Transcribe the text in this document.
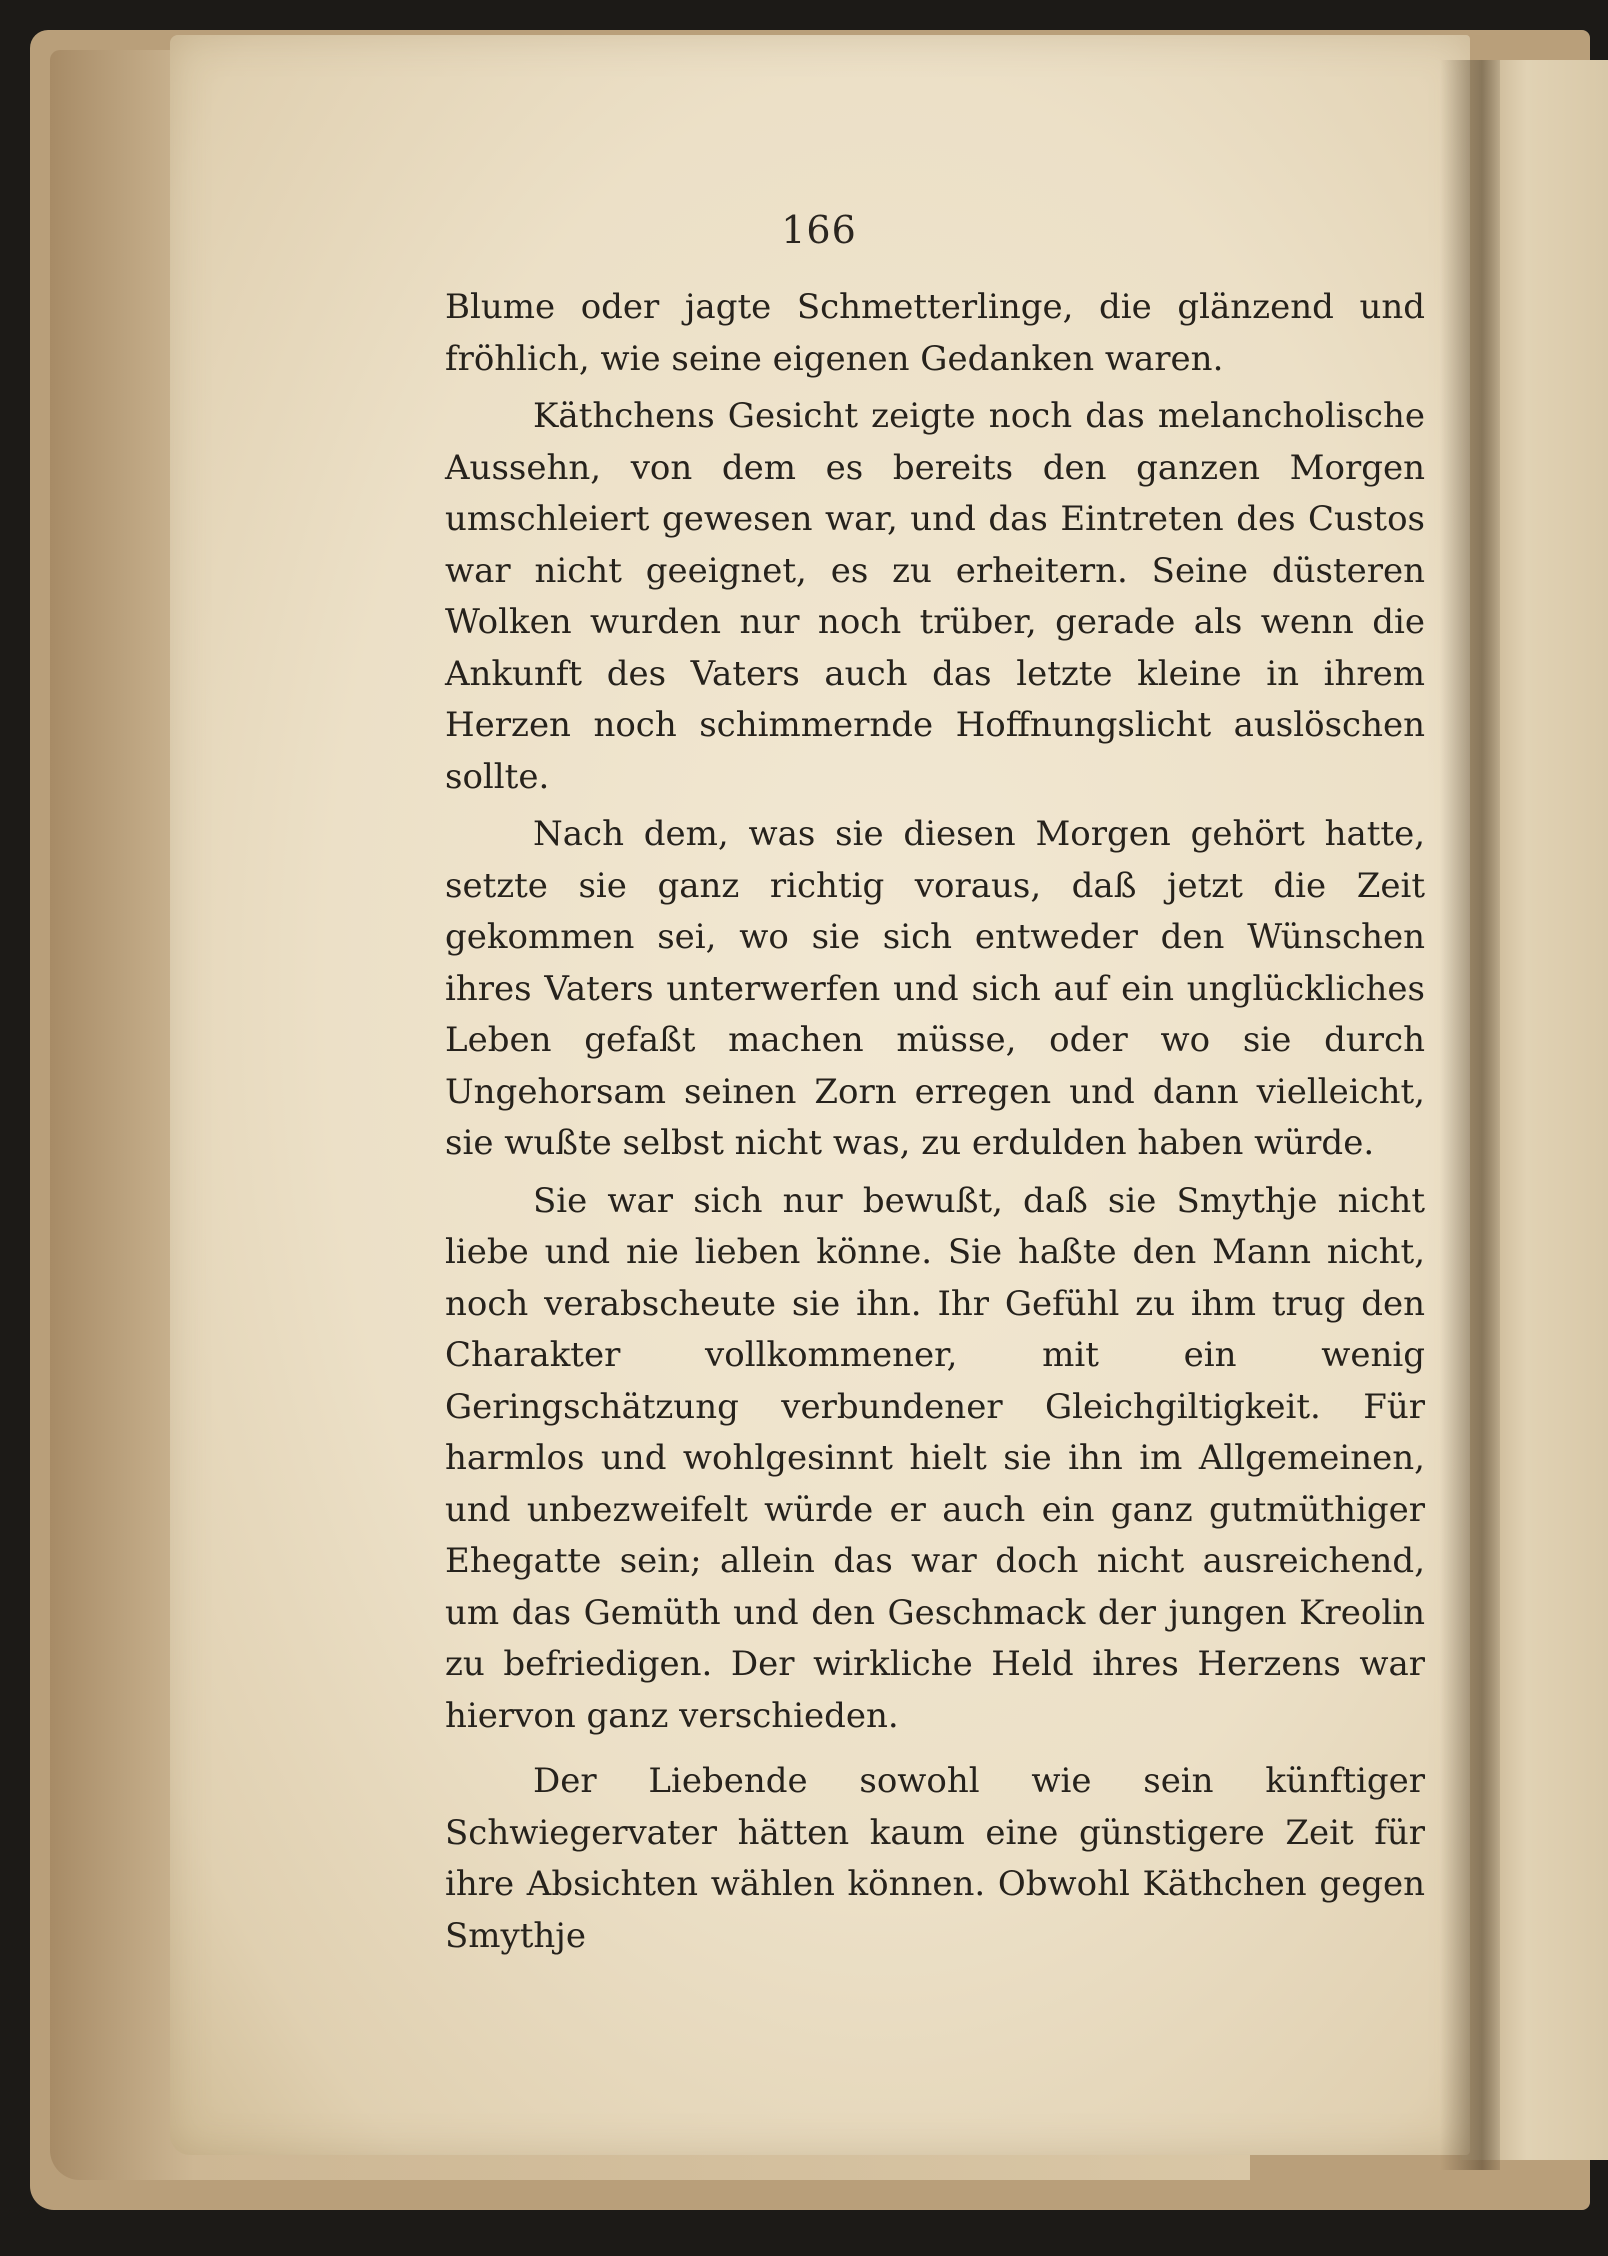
166

Blume oder jagte Schmetterlinge, die glänzend und fröhlich, wie seine eigenen Gedanken waren.

Käthchens Gesicht zeigte noch das melancholische Aussehn, von dem es bereits den ganzen Morgen umschleiert gewesen war, und das Eintreten des Custos war nicht geeignet, es zu erheitern. Seine düsteren Wolken wurden nur noch trüber, gerade als wenn die Ankunft des Vaters auch das letzte kleine in ihrem Herzen noch schimmernde Hoffnungslicht auslöschen sollte.

Nach dem, was sie diesen Morgen gehört hatte, setzte sie ganz richtig voraus, daß jetzt die Zeit gekommen sei, wo sie sich entweder den Wünschen ihres Vaters unterwerfen und sich auf ein unglückliches Leben gefaßt machen müsse, oder wo sie durch Ungehorsam seinen Zorn erregen und dann vielleicht, sie wußte selbst nicht was, zu erdulden haben würde.

Sie war sich nur bewußt, daß sie Smythje nicht liebe und nie lieben könne. Sie haßte den Mann nicht, noch verabscheute sie ihn. Ihr Gefühl zu ihm trug den Charakter vollkommener, mit ein wenig Geringschätzung verbundener Gleichgiltigkeit. Für harmlos und wohlgesinnt hielt sie ihn im Allgemeinen, und unbezweifelt würde er auch ein ganz gutmüthiger Ehegatte sein; allein das war doch nicht ausreichend, um das Gemüth und den Geschmack der jungen Kreolin zu befriedigen. Der wirkliche Held ihres Herzens war hiervon ganz verschieden.

Der Liebende sowohl wie sein künftiger Schwiegervater hätten kaum eine günstigere Zeit für ihre Absichten wählen können. Obwohl Käthchen gegen Smythje
